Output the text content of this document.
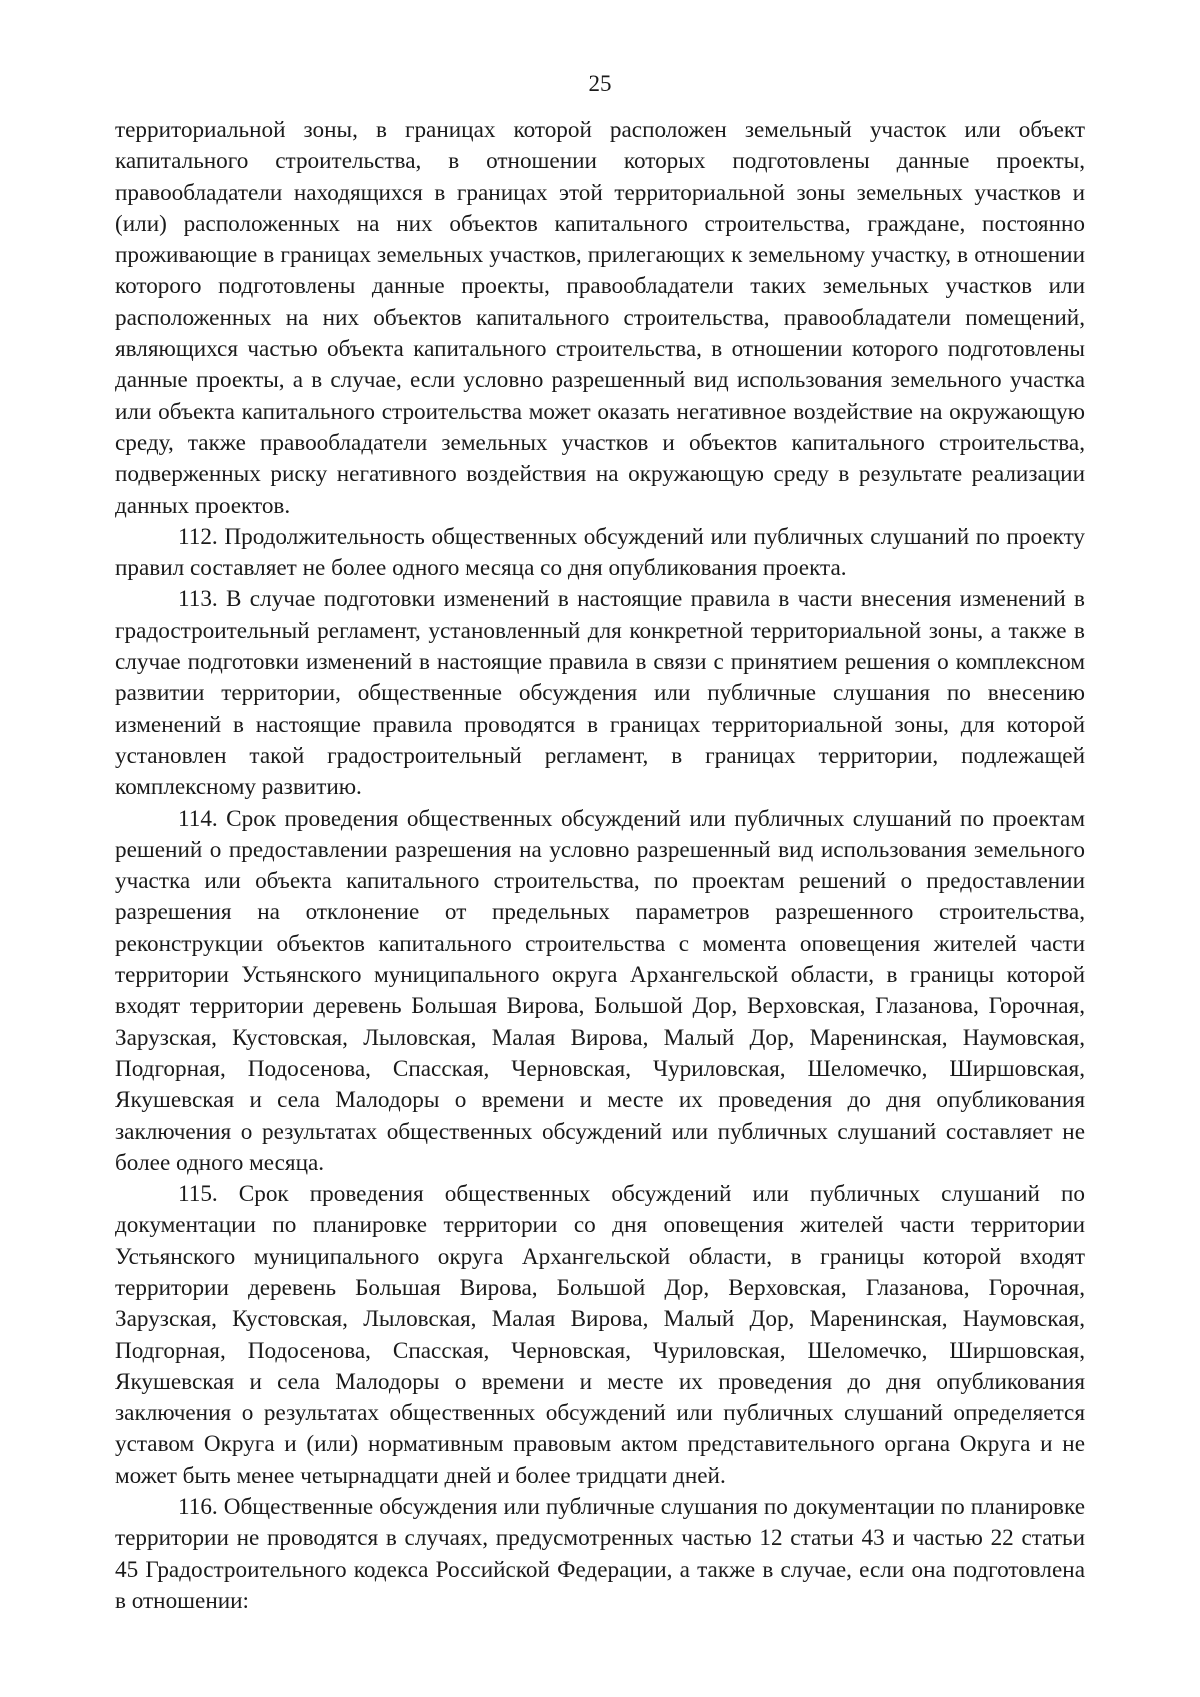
25

территориальной зоны, в границах которой расположен земельный участок или объект капитального строительства, в отношении которых подготовлены данные проекты, правообладатели находящихся в границах этой территориальной зоны земельных участков и (или) расположенных на них объектов капитального строительства, граждане, постоянно проживающие в границах земельных участков, прилегающих к земельному участку, в отношении которого подготовлены данные проекты, правообладатели таких земельных участков или расположенных на них объектов капитального строительства, правообладатели помещений, являющихся частью объекта капитального строительства, в отношении которого подготовлены данные проекты, а в случае, если условно разрешенный вид использования земельного участка или объекта капитального строительства может оказать негативное воздействие на окружающую среду, также правообладатели земельных участков и объектов капитального строительства, подверженных риску негативного воздействия на окружающую среду в результате реализации данных проектов.

112. Продолжительность общественных обсуждений или публичных слушаний по проекту правил составляет не более одного месяца со дня опубликования проекта.

113. В случае подготовки изменений в настоящие правила в части внесения изменений в градостроительный регламент, установленный для конкретной территориальной зоны, а также в случае подготовки изменений в настоящие правила в связи с принятием решения о комплексном развитии территории, общественные обсуждения или публичные слушания по внесению изменений в настоящие правила проводятся в границах территориальной зоны, для которой установлен такой градостроительный регламент, в границах территории, подлежащей комплексному развитию.

114. Срок проведения общественных обсуждений или публичных слушаний по проектам решений о предоставлении разрешения на условно разрешенный вид использования земельного участка или объекта капитального строительства, по проектам решений о предоставлении разрешения на отклонение от предельных параметров разрешенного строительства, реконструкции объектов капитального строительства с момента оповещения жителей части территории Устьянского муниципального округа Архангельской области, в границы которой входят территории деревень Большая Вирова, Большой Дор, Верховская, Глазанова, Горочная, Зарузская, Кустовская, Лыловская, Малая Вирова, Малый Дор, Маренинская, Наумовская, Подгорная, Подосенова, Спасская, Черновская, Чуриловская, Шеломечко, Ширшовская, Якушевская и села Малодоры о времени и месте их проведения до дня опубликования заключения о результатах общественных обсуждений или публичных слушаний составляет не более одного месяца.

115. Срок проведения общественных обсуждений или публичных слушаний по документации по планировке территории со дня оповещения жителей части территории Устьянского муниципального округа Архангельской области, в границы которой входят территории деревень Большая Вирова, Большой Дор, Верховская, Глазанова, Горочная, Зарузская, Кустовская, Лыловская, Малая Вирова, Малый Дор, Маренинская, Наумовская, Подгорная, Подосенова, Спасская, Черновская, Чуриловская, Шеломечко, Ширшовская, Якушевская и села Малодоры о времени и месте их проведения до дня опубликования заключения о результатах общественных обсуждений или публичных слушаний определяется уставом Округа и (или) нормативным правовым актом представительного органа Округа и не может быть менее четырнадцати дней и более тридцати дней.

116. Общественные обсуждения или публичные слушания по документации по планировке территории не проводятся в случаях, предусмотренных частью 12 статьи 43 и частью 22 статьи 45 Градостроительного кодекса Российской Федерации, а также в случае, если она подготовлена в отношении:
